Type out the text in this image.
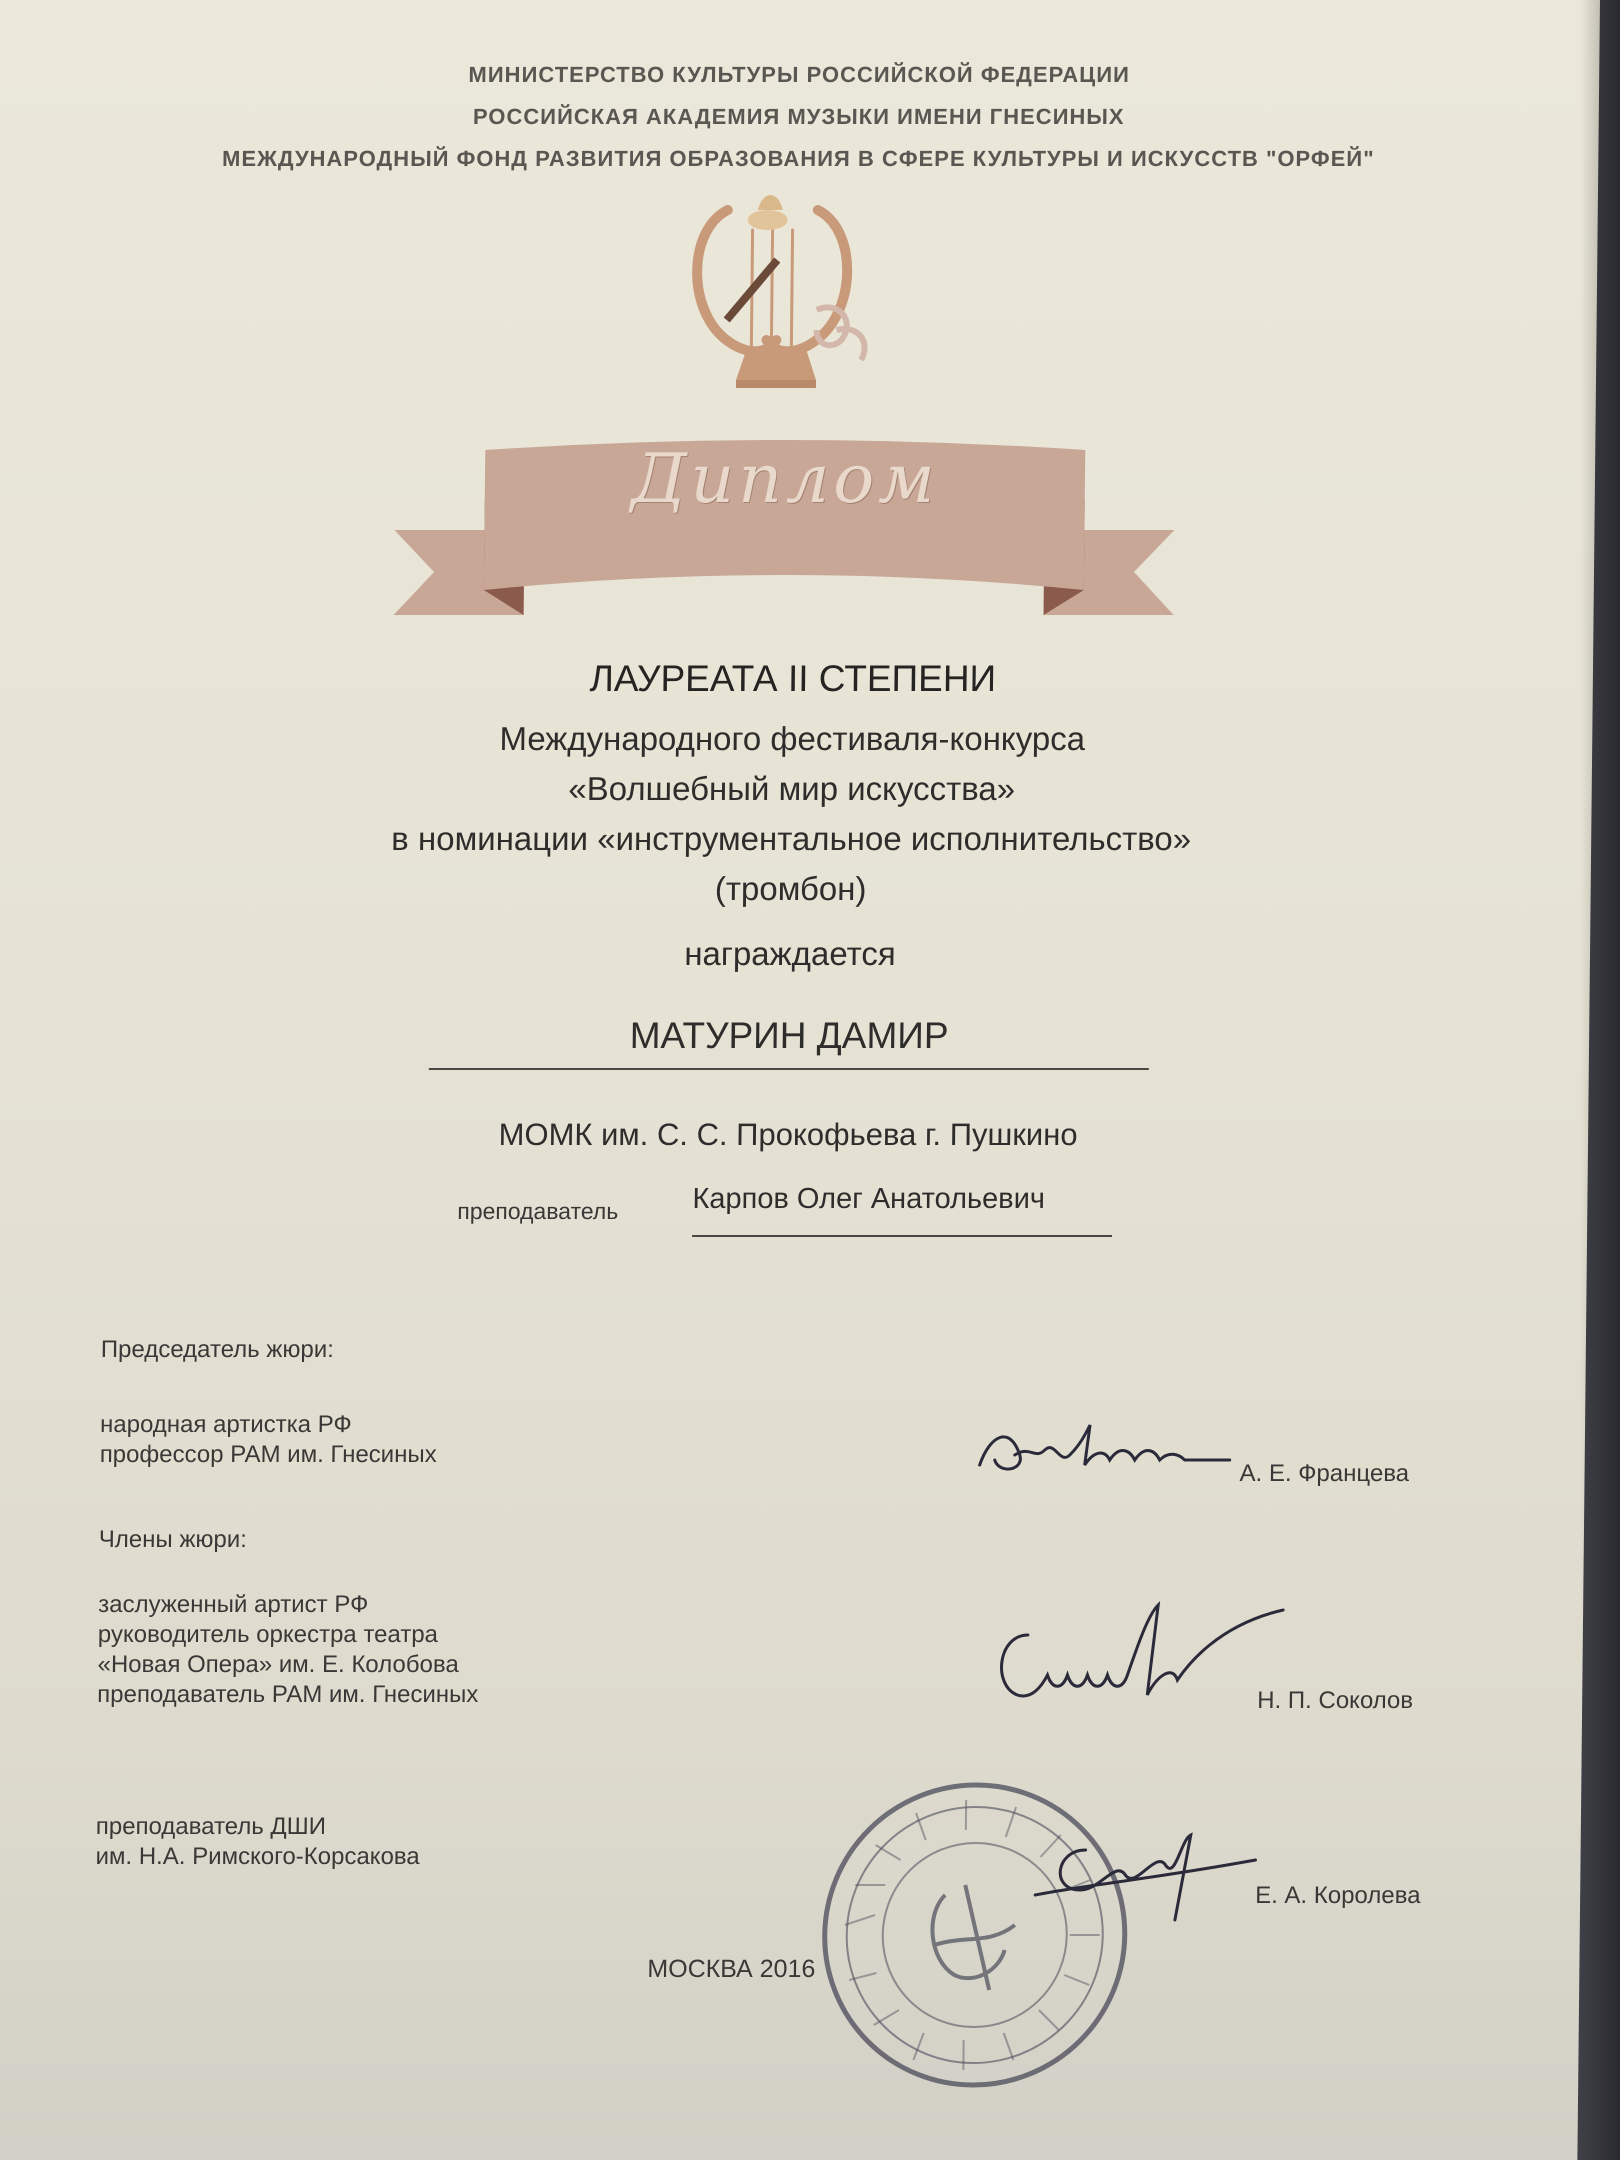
МИНИСТЕРСТВО КУЛЬТУРЫ РОССИЙСКОЙ ФЕДЕРАЦИИ
РОССИЙСКАЯ АКАДЕМИЯ МУЗЫКИ ИМЕНИ ГНЕСИНЫХ
МЕЖДУНАРОДНЫЙ ФОНД РАЗВИТИЯ ОБРАЗОВАНИЯ В СФЕРЕ КУЛЬТУРЫ И ИСКУССТВ "ОРФЕЙ"
Диплом
ЛАУРЕАТА II СТЕПЕНИ
Международного фестиваля-конкурса
«Волшебный мир искусства»
в номинации «инструментальное исполнительство»
(тромбон)
награждается
МАТУРИН ДАМИР
МОМК им. С. С. Прокофьева г. Пушкино
преподаватель	Карпов Олег Анатольевич
Председатель жюри:
народная артистка РФ
профессор РАМ им. Гнесиных
А. Е. Францева
Члены жюри:
заслуженный артист РФ
руководитель оркестра театра
«Новая Опера» им. Е. Колобова
преподаватель РАМ им. Гнесиных	Н. П. Соколов
преподаватель ДШИ
им. Н.А. Римского-Корсакова
Е. А. Королева
МОСКВА 2016
